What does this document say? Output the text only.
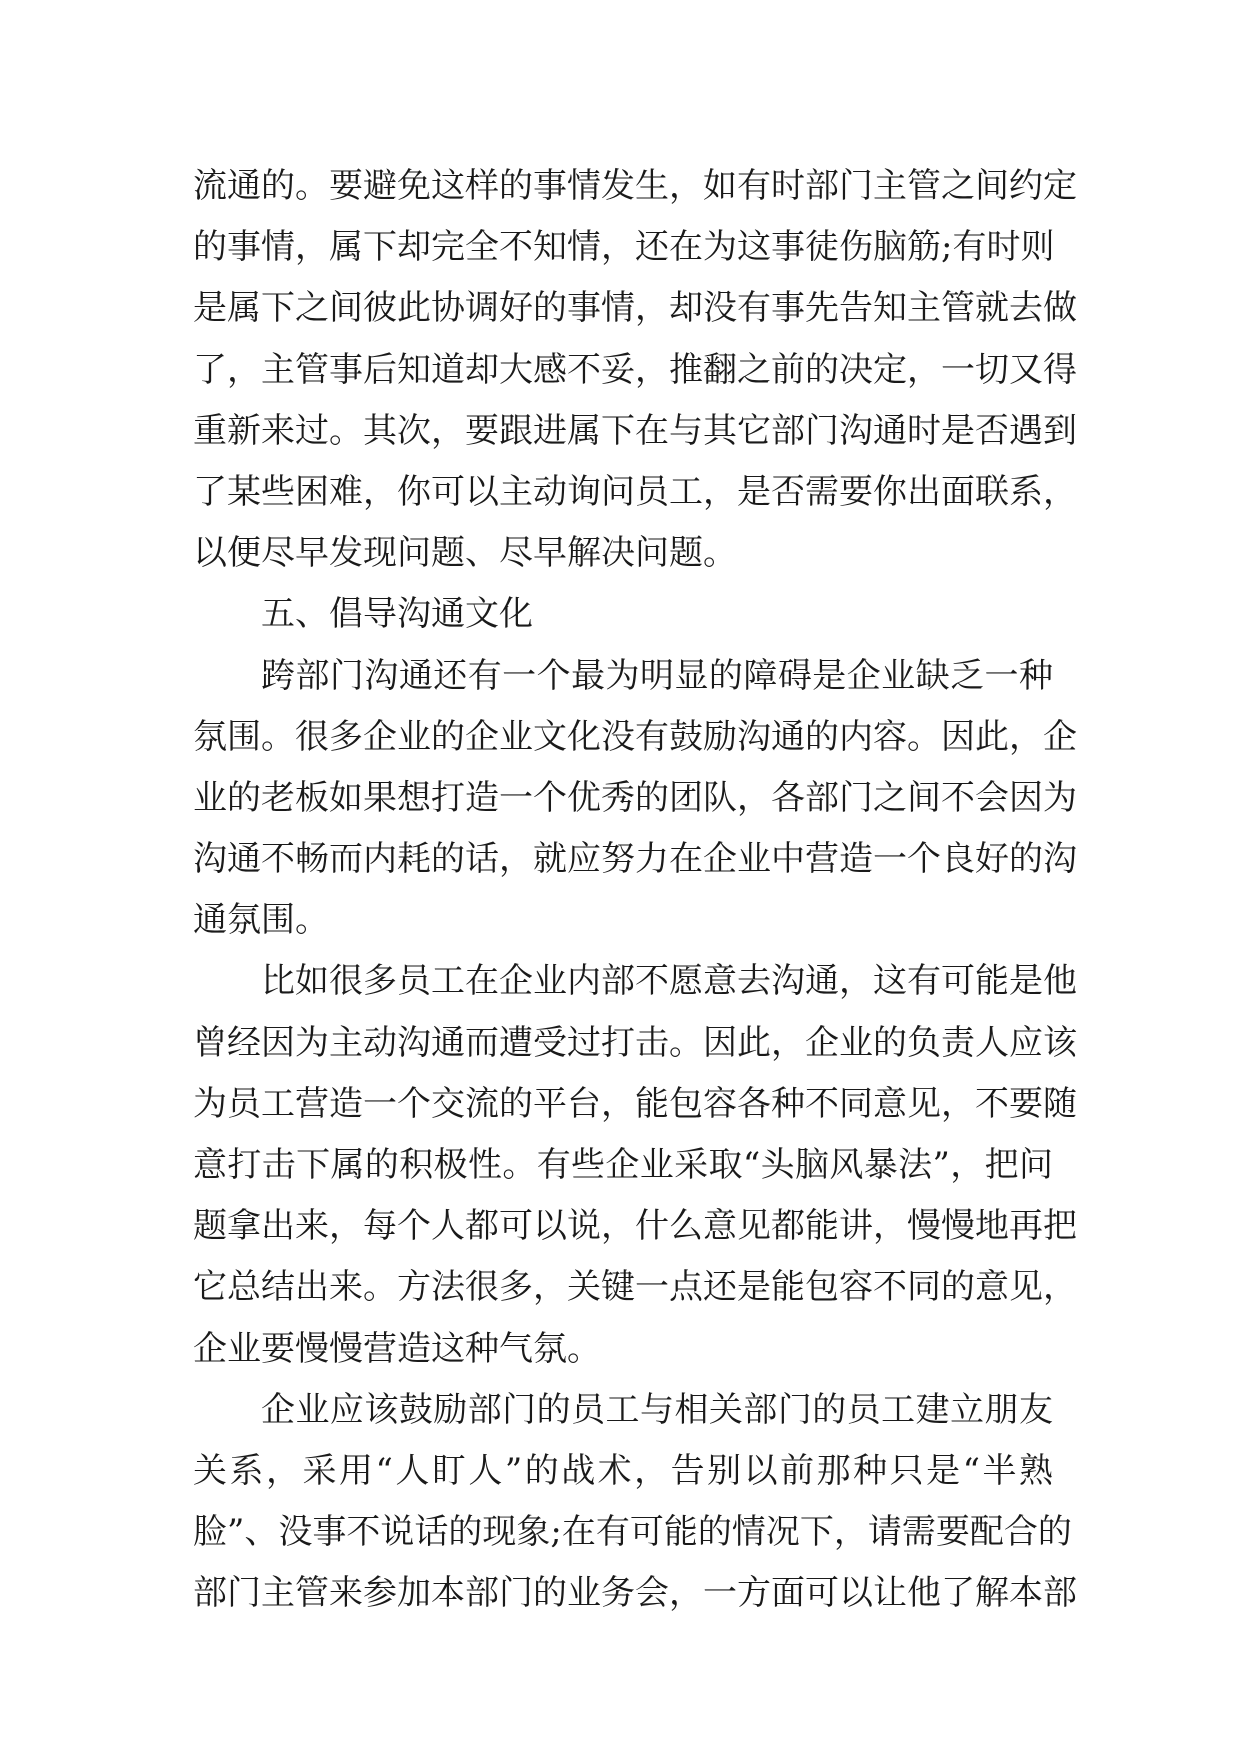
流通的。要避免这样的事情发生，如有时部门主管之间约定
的事情，属下却完全不知情，还在为这事徒伤脑筋;有时则
是属下之间彼此协调好的事情，却没有事先告知主管就去做
了，主管事后知道却大感不妥，推翻之前的决定，一切又得
重新来过。其次，要跟进属下在与其它部门沟通时是否遇到
了某些困难，你可以主动询问员工，是否需要你出面联系，
以便尽早发现问题、尽早解决问题。
五、倡导沟通文化
跨部门沟通还有一个最为明显的障碍是企业缺乏一种
氛围。很多企业的企业文化没有鼓励沟通的内容。因此，企
业的老板如果想打造一个优秀的团队，各部门之间不会因为
沟通不畅而内耗的话，就应努力在企业中营造一个良好的沟
通氛围。
比如很多员工在企业内部不愿意去沟通，这有可能是他
曾经因为主动沟通而遭受过打击。因此，企业的负责人应该
为员工营造一个交流的平台，能包容各种不同意见，不要随
意打击下属的积极性。有些企业采取“头脑风暴法”，把问
题拿出来，每个人都可以说，什么意见都能讲，慢慢地再把
它总结出来。方法很多，关键一点还是能包容不同的意见，
企业要慢慢营造这种气氛。
企业应该鼓励部门的员工与相关部门的员工建立朋友
关系，采用“人盯人”的战术，告别以前那种只是“半熟
脸”、没事不说话的现象;在有可能的情况下，请需要配合的
部门主管来参加本部门的业务会，一方面可以让他了解本部
